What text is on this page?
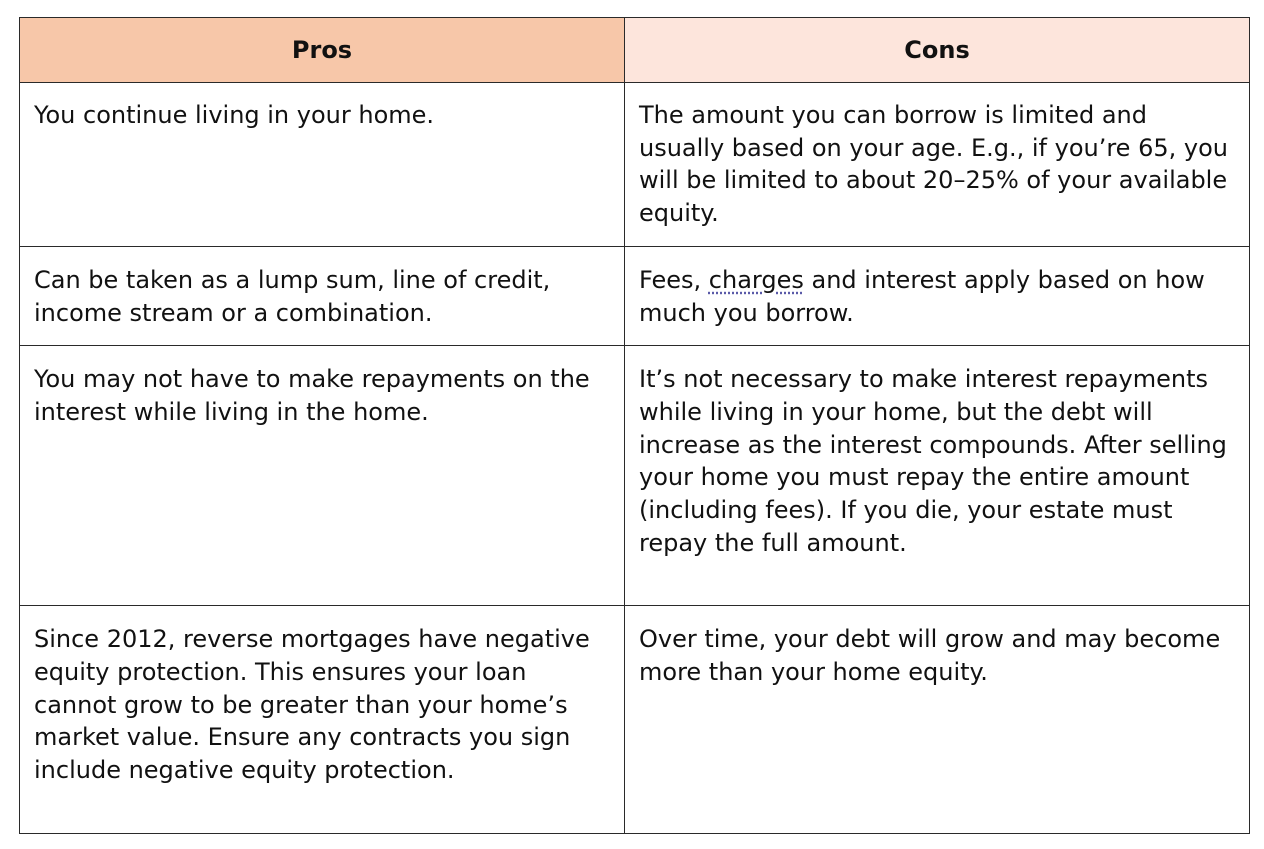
Pros	Cons
You continue living in your home.	The amount you can borrow is limited and usually based on your age. E.g., if you’re 65, you will be limited to about 20–25% of your available equity.
Can be taken as a lump sum, line of credit, income stream or a combination.	Fees, charges and interest apply based on how much you borrow.
You may not have to make repayments on the interest while living in the home.	It’s not necessary to make interest repayments while living in your home, but the debt will increase as the interest compounds. After selling your home you must repay the entire amount (including fees). If you die, your estate must repay the full amount.
Since 2012, reverse mortgages have negative equity protection. This ensures your loan cannot grow to be greater than your home’s market value. Ensure any contracts you sign include negative equity protection.	Over time, your debt will grow and may become more than your home equity.
